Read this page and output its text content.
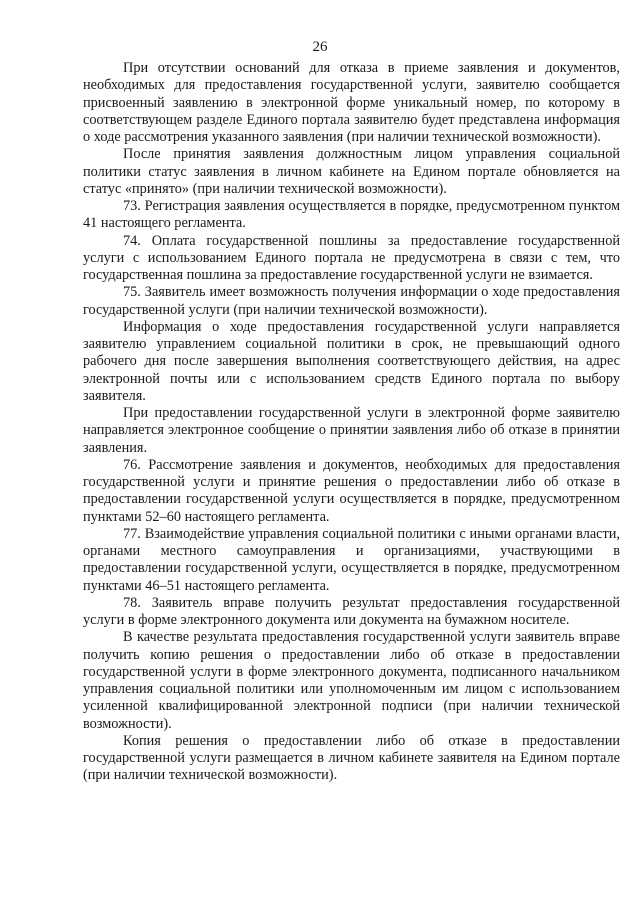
26

При отсутствии оснований для отказа в приеме заявления и документов, необходимых для предоставления государственной услуги, заявителю сообщается присвоенный заявлению в электронной форме уникальный номер, по которому в соответствующем разделе Единого портала заявителю будет представлена информация о ходе рассмотрения указанного заявления (при наличии технической возможности).

После принятия заявления должностным лицом управления социальной политики статус заявления в личном кабинете на Едином портале обновляется на статус «принято» (при наличии технической возможности).

73. Регистрация заявления осуществляется в порядке, предусмотренном пунктом 41 настоящего регламента.

74. Оплата государственной пошлины за предоставление государственной услуги с использованием Единого портала не предусмотрена в связи с тем, что государственная пошлина за предоставление государственной услуги не взимается.

75. Заявитель имеет возможность получения информации о ходе предоставления государственной услуги (при наличии технической возможности).

Информация о ходе предоставления государственной услуги направляется заявителю управлением социальной политики в срок, не превышающий одного рабочего дня после завершения выполнения соответствующего действия, на адрес электронной почты или с использованием средств Единого портала по выбору заявителя.

При предоставлении государственной услуги в электронной форме заявителю направляется электронное сообщение о принятии заявления либо об отказе в принятии заявления.

76. Рассмотрение заявления и документов, необходимых для предоставления государственной услуги и принятие решения о предоставлении либо об отказе в предоставлении государственной услуги осуществляется в порядке, предусмотренном пунктами 52–60 настоящего регламента.

77. Взаимодействие управления социальной политики с иными органами власти, органами местного самоуправления и организациями, участвующими в предоставлении государственной услуги, осуществляется в порядке, предусмотренном пунктами 46–51 настоящего регламента.

78. Заявитель вправе получить результат предоставления государственной услуги в форме электронного документа или документа на бумажном носителе.

В качестве результата предоставления государственной услуги заявитель вправе получить копию решения о предоставлении либо об отказе в предоставлении государственной услуги в форме электронного документа, подписанного начальником управления социальной политики или уполномоченным им лицом с использованием усиленной квалифицированной электронной подписи (при наличии технической возможности).

Копия решения о предоставлении либо об отказе в предоставлении государственной услуги размещается в личном кабинете заявителя на Едином портале (при наличии технической возможности).
